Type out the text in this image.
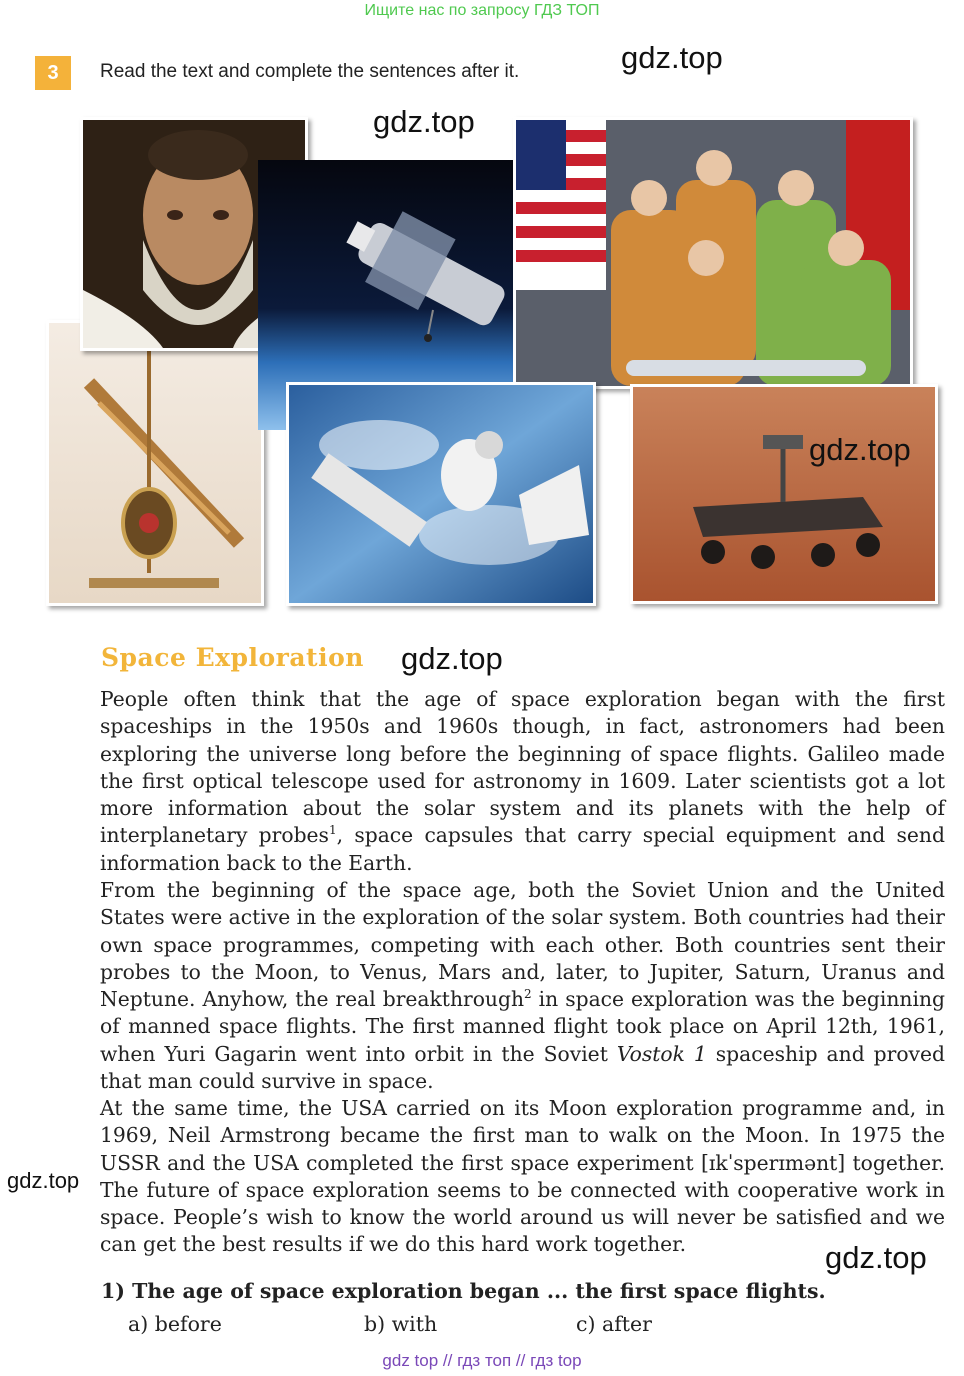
Ищите нас по запросу ГДЗ ТОП
3	Read the text and complete the sentences after it.	gdz.top
gdz.top
gdz.top
gdz.top
gdz.top
gdz.top
Space Exploration
People often think that the age of space exploration began with the first spaceships in the 1950s and 1960s though, in fact, astronomers had been exploring the universe long before the beginning of space flights. Galileo made the first optical telescope used for astronomy in 1609. Later scientists got a lot more information about the solar system and its planets with the help of interplanetary probes$^1$, space capsules that carry special equipment and send information back to the Earth.
From the beginning of the space age, both the Soviet Union and the United States were active in the exploration of the solar system. Both countries had their own space programmes, competing with each other. Both countries sent their probes to the Moon, to Venus, Mars and, later, to Jupiter, Saturn, Uranus and Neptune. Anyhow, the real breakthrough$^2$ in space exploration was the beginning of manned space flights. The first manned flight took place on April 12th, 1961, when Yuri Gagarin went into orbit in the Soviet Vostok 1 spaceship and proved that man could survive in space.
At the same time, the USA carried on its Moon exploration programme and, in 1969, Neil Armstrong became the first man to walk on the Moon. In 1975 the USSR and the USA completed the first space experiment [ɪkˈsperɪmənt] together. The future of space exploration seems to be connected with cooperative work in space. People’s wish to know the world around us will never be satisfied and we can get the best results if we do this hard work together.
1) The age of space exploration began ... the first space flights.
a) before	b) with	c) after
gdz top // гдз топ // гдз top
